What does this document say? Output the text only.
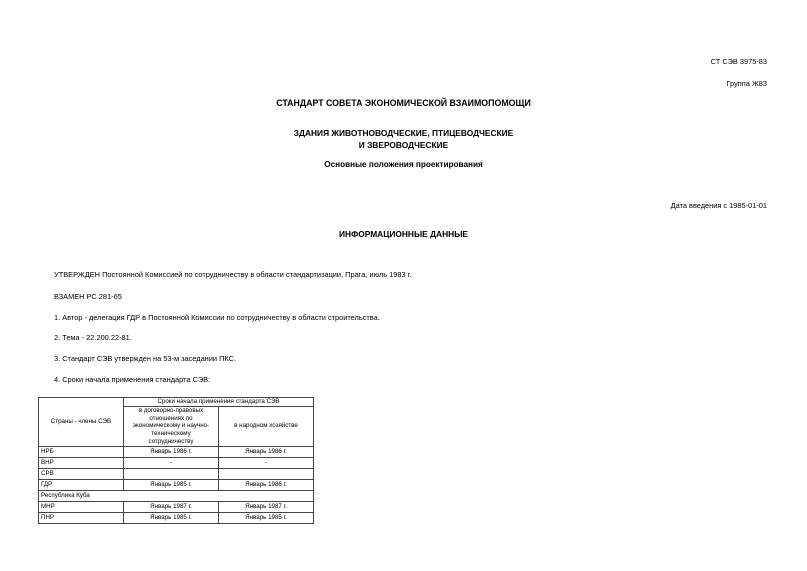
СТ СЭВ 3975-83
Группа Ж83
СТАНДАРТ СОВЕТА ЭКОНОМИЧЕСКОЙ ВЗАИМОПОМОЩИ
ЗДАНИЯ ЖИВОТНОВОДЧЕСКИЕ, ПТИЦЕВОДЧЕСКИЕ
И ЗВЕРОВОДЧЕСКИЕ
Основные положения проектирования
Дата введения с 1985-01-01
ИНФОРМАЦИОННЫЕ ДАННЫЕ
УТВЕРЖДЕН Постоянной Комиссией по сотрудничеству в области стандартизации, Прага, июль 1983 г.
ВЗАМЕН РС 281-65
1. Автор - делегация ГДР в Постоянной Комиссии по сотрудничеству в области строительства.
2. Тема - 22.200.22-81.
3. Стандарт СЭВ утвержден на 53-м заседании ПКС.
4. Сроки начала применения стандарта СЭВ:
Страны - члены СЭВ	Сроки начала применения стандарта СЭВ	

	в договорно-правовых
отношениях по
экономическому и научно-
техническому
сотрудничеству	в народном хозяйстве
НРБ	Январь 1986 г.	Январь 1986 г.
ВНР	-	-
СРВ		
ГДР	Январь 1985 г.	Январь 1986 г.
Республика Куба		
МНР	Январь 1987 г.	Январь 1987 г.
ПНР	Январь 1985 г.	Январь 1985 г.
